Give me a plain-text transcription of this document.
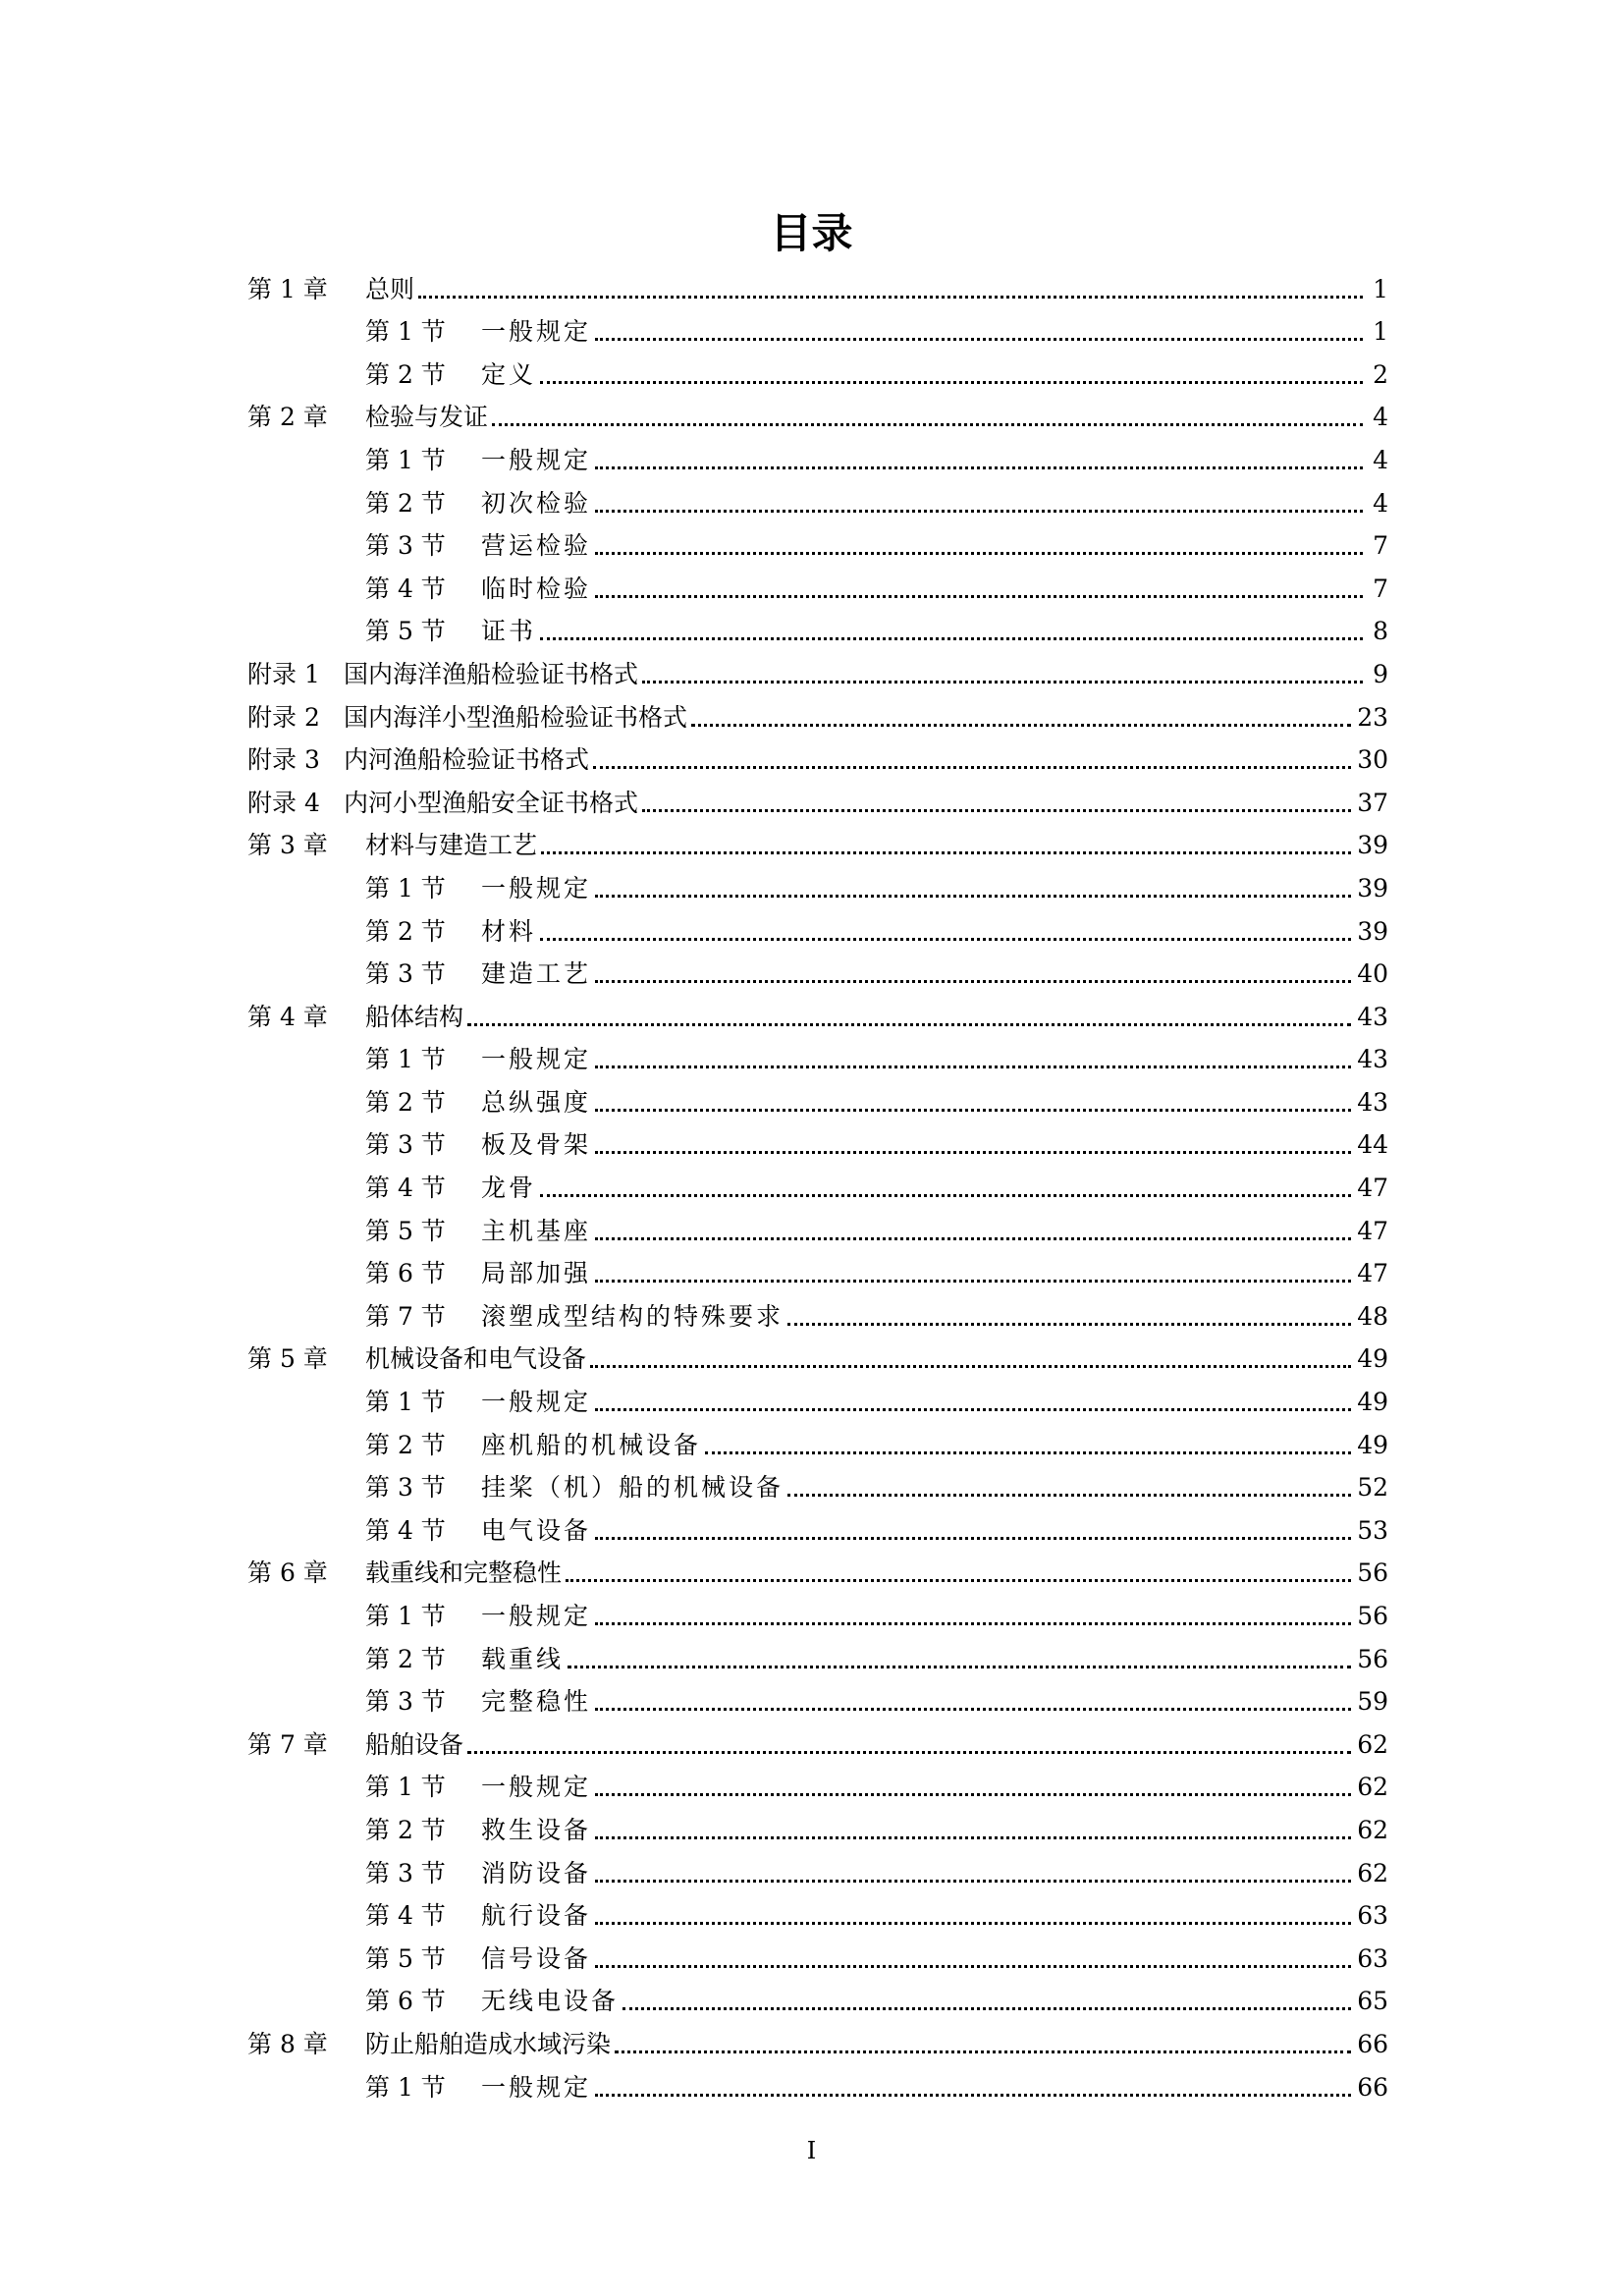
目录
第 1 章 总则	1
第 1 节 一般规定	1
第 2 节 定义	2
第 2 章 检验与发证	4
第 1 节 一般规定	4
第 2 节 初次检验	4
第 3 节 营运检验	7
第 4 节 临时检验	7
第 5 节 证书	8
附录 1 国内海洋渔船检验证书格式	9
附录 2 国内海洋小型渔船检验证书格式	23
附录 3 内河渔船检验证书格式	30
附录 4 内河小型渔船安全证书格式	37
第 3 章 材料与建造工艺	39
第 1 节 一般规定	39
第 2 节 材料	39
第 3 节 建造工艺	40
第 4 章 船体结构	43
第 1 节 一般规定	43
第 2 节 总纵强度	43
第 3 节 板及骨架	44
第 4 节 龙骨	47
第 5 节 主机基座	47
第 6 节 局部加强	47
第 7 节 滚塑成型结构的特殊要求	48
第 5 章 机械设备和电气设备	49
第 1 节 一般规定	49
第 2 节 座机船的机械设备	49
第 3 节 挂桨（机）船的机械设备	52
第 4 节 电气设备	53
第 6 章 载重线和完整稳性	56
第 1 节 一般规定	56
第 2 节 载重线	56
第 3 节 完整稳性	59
第 7 章 船舶设备	62
第 1 节 一般规定	62
第 2 节 救生设备	62
第 3 节 消防设备	62
第 4 节 航行设备	63
第 5 节 信号设备	63
第 6 节 无线电设备	65
第 8 章 防止船舶造成水域污染	66
第 1 节 一般规定	66
I
